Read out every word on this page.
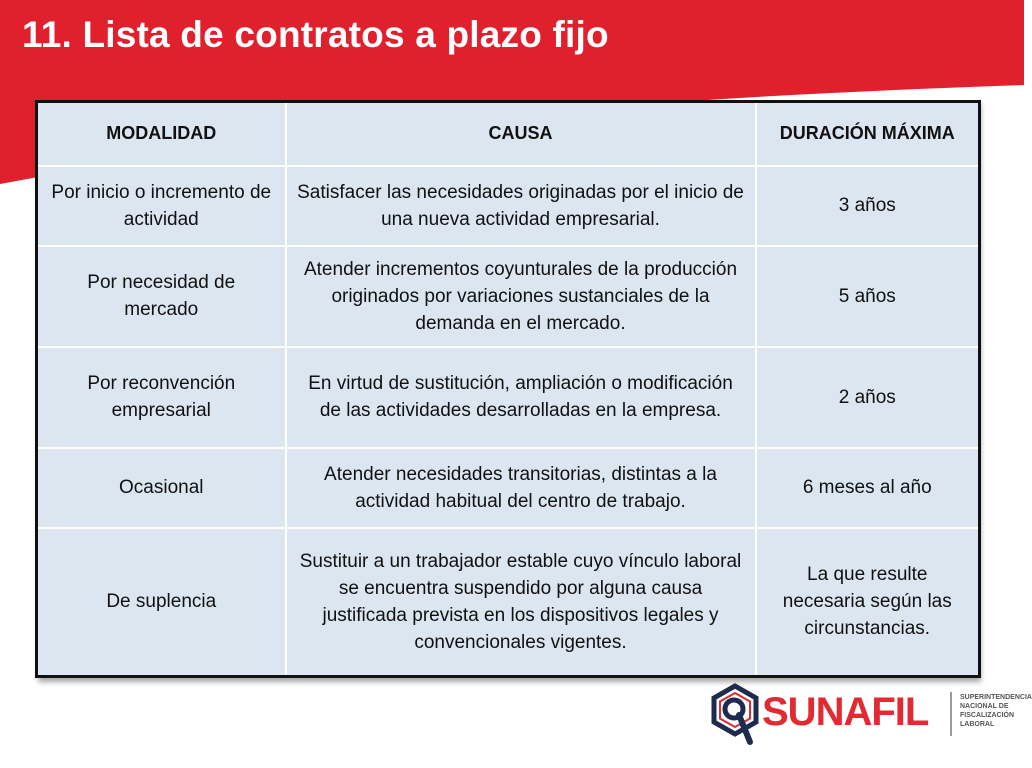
11. Lista de contratos a plazo fijo
MODALIDAD	CAUSA	DURACIÓN MÁXIMA
Por inicio o incremento de actividad	Satisfacer las necesidades originadas por el inicio de una nueva actividad empresarial.	3 años
Por necesidad de mercado	Atender incrementos coyunturales de la producción originados por variaciones sustanciales de la demanda en el mercado.	5 años
Por reconvención empresarial	En virtud de sustitución, ampliación o modificación de las actividades desarrolladas en la empresa.	2 años
Ocasional	Atender necesidades transitorias, distintas a la actividad habitual del centro de trabajo.	6 meses al año
De suplencia	Sustituir a un trabajador estable cuyo vínculo laboral se encuentra suspendido por alguna causa justificada prevista en los dispositivos legales y convencionales vigentes.	La que resulte necesaria según las circunstancias.
SUNAFIL	SUPERINTENDENCIA
NACIONAL DE
FISCALIZACIÓN
LABORAL
